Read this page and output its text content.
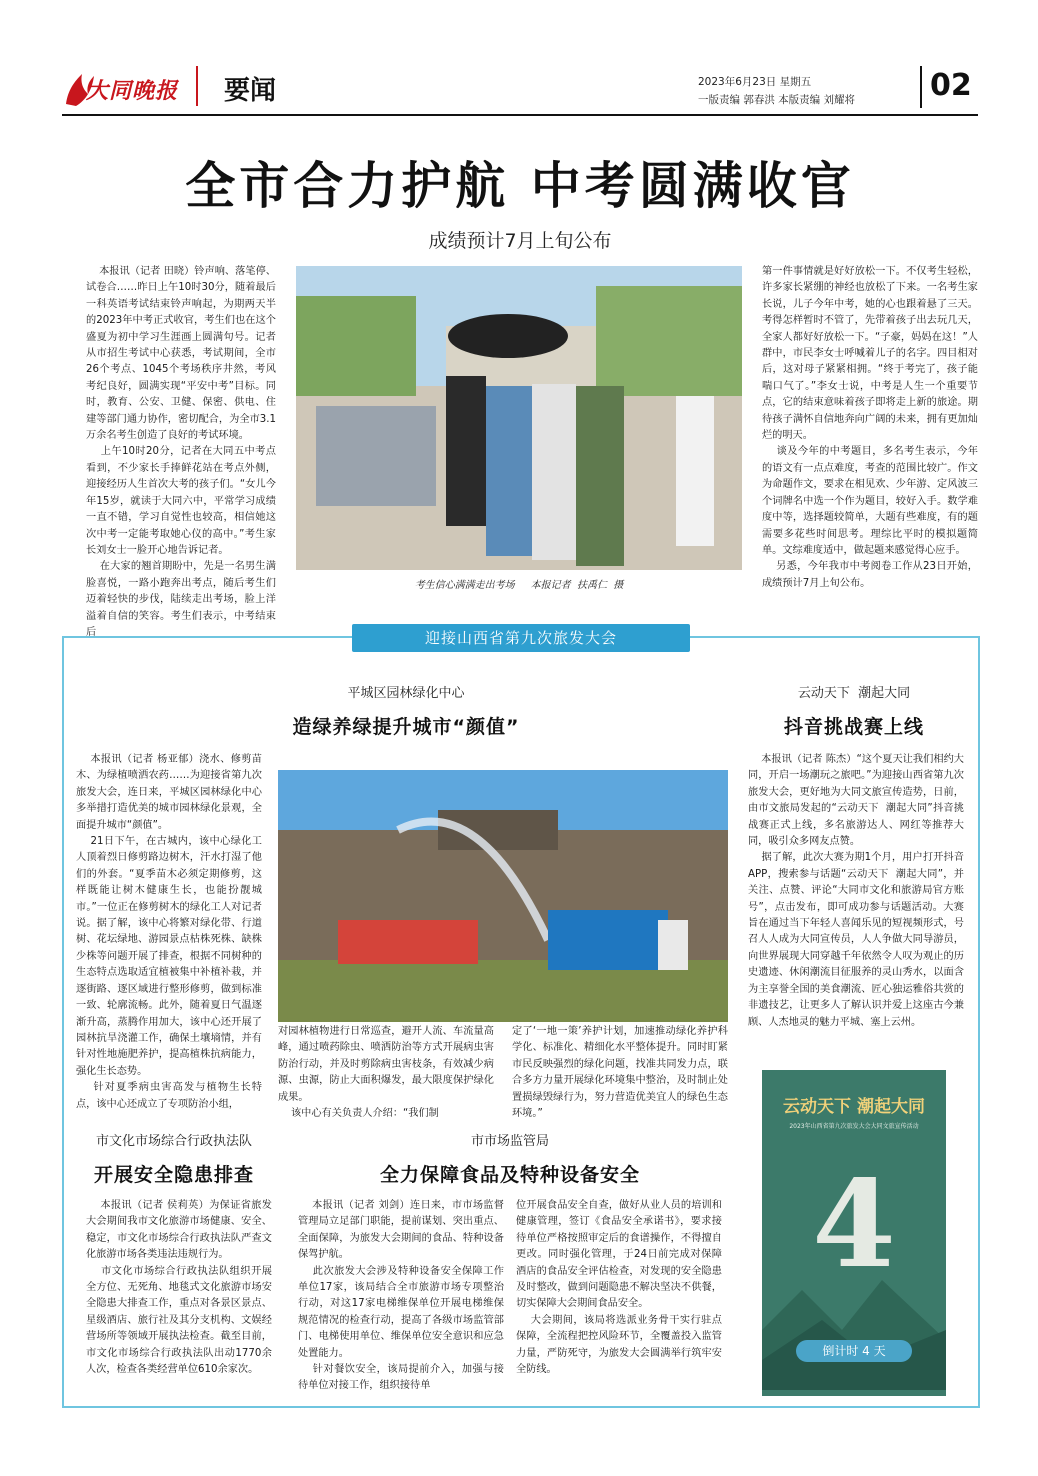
大同晚报 要闻	2023年6月23日 星期五
一版责编 郭春洪 本版责编 刘耀将 02
全市合力护航 中考圆满收官
成绩预计7月上旬公布
本报讯（记者 田晓）铃声响、落笔停、试卷合……昨日上午10时30分，随着最后一科英语考试结束铃声响起，为期两天半的2023年中考正式收官，考生们也在这个盛夏为初中学习生涯画上圆满句号。记者从市招生考试中心获悉，考试期间，全市26个考点、1045个考场秩序井然，考风考纪良好，圆满实现“平安中考”目标。同时，教育、公安、卫健、保密、供电、住建等部门通力协作，密切配合，为全市3.1万余名考生创造了良好的考试环境。
上午10时20分，记者在大同五中考点看到，不少家长手捧鲜花站在考点外侧，迎接经历人生首次大考的孩子们。“女儿今年15岁，就读于大同六中，平常学习成绩一直不错，学习自觉性也较高，相信她这次中考一定能考取她心仪的高中。”考生家长刘女士一脸开心地告诉记者。
在大家的翘首期盼中，先是一名男生满脸喜悦，一路小跑奔出考点，随后考生们迈着轻快的步伐，陆续走出考场，脸上洋溢着自信的笑容。考生们表示，中考结束后
考生信心满满走出考场     本报记者  扶禹仁  摄
第一件事情就是好好放松一下。不仅考生轻松，许多家长紧绷的神经也放松了下来。一名考生家长说，儿子今年中考，她的心也跟着悬了三天。考得怎样暂时不管了，先带着孩子出去玩几天，全家人都好好放松一下。“子豪，妈妈在这！”人群中，市民李女士呼喊着儿子的名字。四目相对后，这对母子紧紧相拥。“终于考完了，孩子能喘口气了。”李女士说，中考是人生一个重要节点，它的结束意味着孩子即将走上新的旅途。期待孩子满怀自信地奔向广阔的未来，拥有更加灿烂的明天。
谈及今年的中考题目，多名考生表示，今年的语文有一点点难度，考查的范围比较广。作文为命题作文，要求在相见欢、少年游、定风波三个词牌名中选一个作为题目，较好入手。数学难度中等，选择题较简单，大题有些难度，有的题需要多花些时间思考。理综比平时的模拟题简单。文综难度适中，做起题来感觉得心应手。
另悉，今年我市中考阅卷工作从23日开始，成绩预计7月上旬公布。
迎接山西省第九次旅发大会
平城区园林绿化中心
造绿养绿提升城市“颜值”
本报讯（记者 杨亚郁）浇水、修剪苗木、为绿植喷洒农药……为迎接省第九次旅发大会，连日来，平城区园林绿化中心多举措打造优美的城市园林绿化景观，全面提升城市“颜值”。
21日下午，在古城内，该中心绿化工人顶着烈日修剪路边树木，汗水打湿了他们的外套。“夏季苗木必须定期修剪，这样既能让树木健康生长，也能扮靓城市。”一位正在修剪树木的绿化工人对记者说。据了解，该中心将繁对绿化带、行道树、花坛绿地、游园景点枯株死株、缺株少株等问题开展了排查，根据不同树种的生态特点选取适宜植被集中补植补栽，并逐街路、逐区域进行整形修剪，做到标准一致、轮廓流畅。此外，随着夏日气温逐渐升高，蒸腾作用加大，该中心还开展了园林抗旱浇灌工作，确保土壤墒情，并有针对性地施肥养护，提高植株抗病能力，强化生长态势。
针对夏季病虫害高发与植物生长特点，该中心还成立了专项防治小组，
对园林植物进行日常巡查，避开人流、车流量高峰，通过喷药除虫、喷洒防治等方式开展病虫害防治行动，并及时剪除病虫害枝条，有效减少病源、虫源，防止大面积爆发，最大限度保护绿化成果。
该中心有关负责人介绍：“我们制
定了‘一地一策’养护计划，加速推动绿化养护科学化、标准化、精细化水平整体提升。同时盯紧市民反映强烈的绿化问题，找准共同发力点，联合多方力量开展绿化环境集中整治，及时制止处置损绿毁绿行为，努力营造优美宜人的绿色生态环境。”
云动天下  潮起大同
抖音挑战赛上线
本报讯（记者 陈杰）“这个夏天让我们相约大同，开启一场潮玩之旅吧。”为迎接山西省第九次旅发大会，更好地为大同文旅宣传造势，日前，由市文旅局发起的“云动天下  潮起大同”抖音挑战赛正式上线，多名旅游达人、网红等推荐大同，吸引众多网友点赞。
据了解，此次大赛为期1个月，用户打开抖音APP，搜索参与话题“云动天下  潮起大同”，并关注、点赞、评论“大同市文化和旅游局官方账号”，点击发布，即可成功参与话题活动。大赛旨在通过当下年轻人喜闻乐见的短视频形式，号召人人成为大同宣传员，人人争做大同导游员，向世界展现大同穿越千年依然令人叹为观止的历史遗迹、休闲潮流目征服养的灵山秀水，以面含为主享誉全国的美食潮流、匠心独运雅俗共赏的非遗技艺，让更多人了解认识并爱上这座古今兼顾、人杰地灵的魅力平城、塞上云州。
云动天下 潮起大同
2023年山西省第九次旅发大会大同文旅宣传活动
4
倒计时 4 天
市文化市场综合行政执法队
开展安全隐患排查
本报讯（记者 侯莉英）为保证省旅发大会期间我市文化旅游市场健康、安全、稳定，市文化市场综合行政执法队严查文化旅游市场各类违法违规行为。
市文化市场综合行政执法队组织开展全方位、无死角、地毯式文化旅游市场安全隐患大排查工作，重点对各景区景点、星级酒店、旅行社及其分支机构、文娱经营场所等领域开展执法检查。截至目前，市文化市场综合行政执法队出动1770余人次，检查各类经营单位610余家次。
市市场监管局
全力保障食品及特种设备安全
本报讯（记者 刘剑）连日来，市市场监督管理局立足部门职能，提前谋划、突出重点、全面保障，为旅发大会期间的食品、特种设备保驾护航。
此次旅发大会涉及特种设备安全保障工作单位17家，该局结合全市旅游市场专项整治行动，对这17家电梯维保单位开展电梯维保规范情况的检查行动，提高了各级市场监管部门、电梯使用单位、维保单位安全意识和应急处置能力。
针对餐饮安全，该局提前介入，加强与接待单位对接工作，组织接待单
位开展食品安全自查，做好从业人员的培训和健康管理，签订《食品安全承诺书》，要求接待单位严格按照审定后的食谱操作，不得擅自更改。同时强化管理，于24日前完成对保障酒店的食品安全评估检查，对发现的安全隐患及时整改，做到问题隐患不解决坚决不供餐，切实保障大会期间食品安全。
大会期间，该局将选派业务骨干实行驻点保障，全流程把控风险环节，全覆盖投入监管力量，严防死守，为旅发大会圆满举行筑牢安全防线。
